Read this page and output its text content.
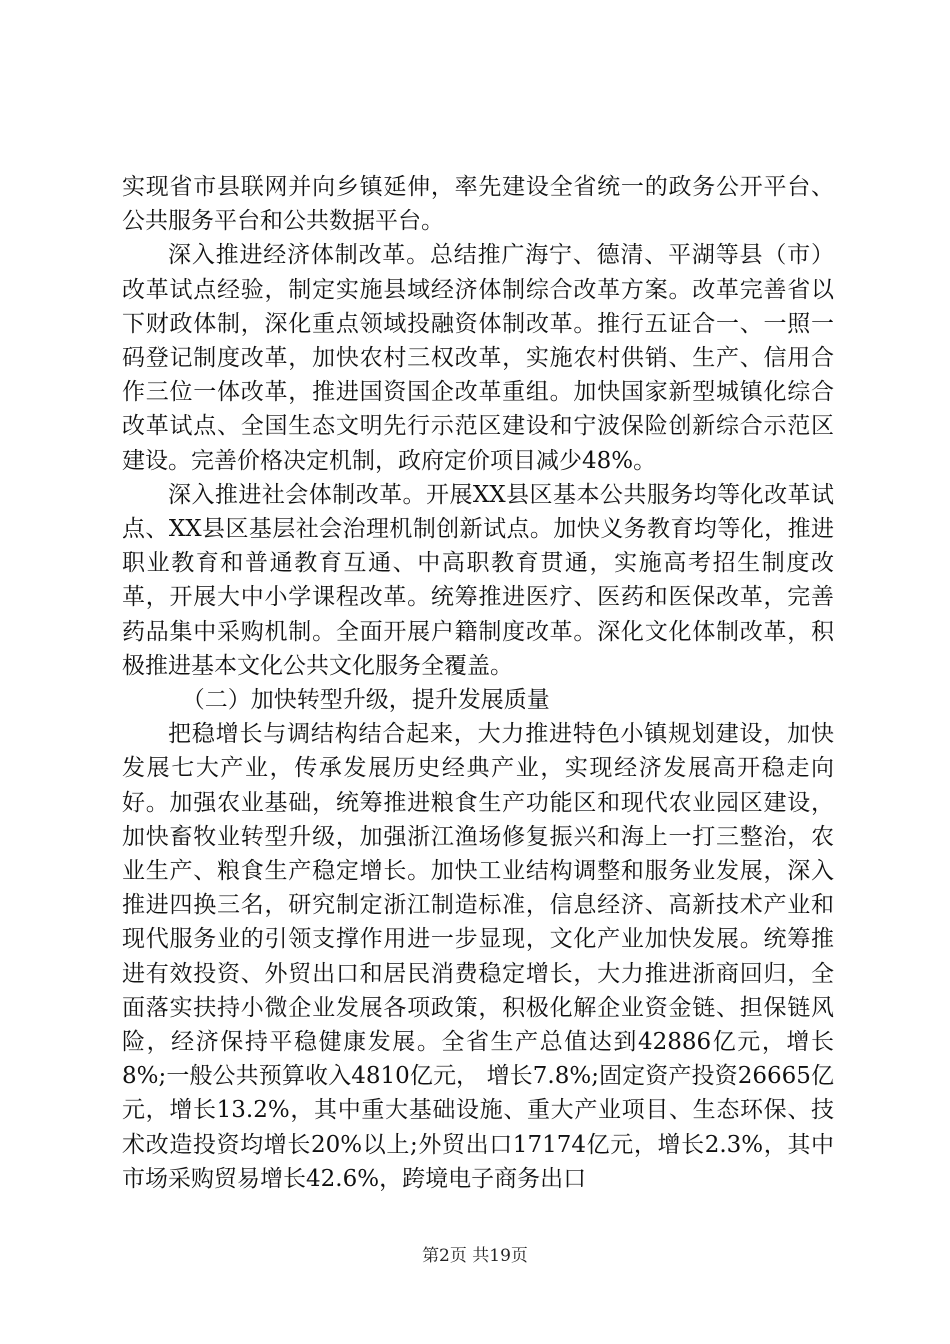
实现省市县联网并向乡镇延伸，率先建设全省统一的政务公开平台、公共服务平台和公共数据平台。

深入推进经济体制改革。总结推广海宁、德清、平湖等县（市）改革试点经验，制定实施县域经济体制综合改革方案。改革完善省以下财政体制，深化重点领域投融资体制改革。推行五证合一、一照一码登记制度改革，加快农村三权改革，实施农村供销、生产、信用合作三位一体改革，推进国资国企改革重组。加快国家新型城镇化综合改革试点、全国生态文明先行示范区建设和宁波保险创新综合示范区建设。完善价格决定机制，政府定价项目减少48%。

深入推进社会体制改革。开展XX县区基本公共服务均等化改革试点、XX县区基层社会治理机制创新试点。加快义务教育均等化，推进职业教育和普通教育互通、中高职教育贯通，实施高考招生制度改革，开展大中小学课程改革。统筹推进医疗、医药和医保改革，完善药品集中采购机制。全面开展户籍制度改革。深化文化体制改革，积极推进基本文化公共文化服务全覆盖。

（二）加快转型升级，提升发展质量

把稳增长与调结构结合起来，大力推进特色小镇规划建设，加快发展七大产业，传承发展历史经典产业，实现经济发展高开稳走向好。加强农业基础，统筹推进粮食生产功能区和现代农业园区建设，加快畜牧业转型升级，加强浙江渔场修复振兴和海上一打三整治，农业生产、粮食生产稳定增长。加快工业结构调整和服务业发展，深入推进四换三名，研究制定浙江制造标准，信息经济、高新技术产业和现代服务业的引领支撑作用进一步显现，文化产业加快发展。统筹推进有效投资、外贸出口和居民消费稳定增长，大力推进浙商回归，全面落实扶持小微企业发展各项政策，积极化解企业资金链、担保链风险，经济保持平稳健康发展。全省生产总值达到42886亿元，增长8%;一般公共预算收入4810亿元， 增长7.8%;固定资产投资26665亿元，增长13.2%，其中重大基础设施、重大产业项目、生态环保、技术改造投资均增长20%以上;外贸出口17174亿元，增长2.3%，其中市场采购贸易增长42.6%，跨境电子商务出口

第2页 共19页
